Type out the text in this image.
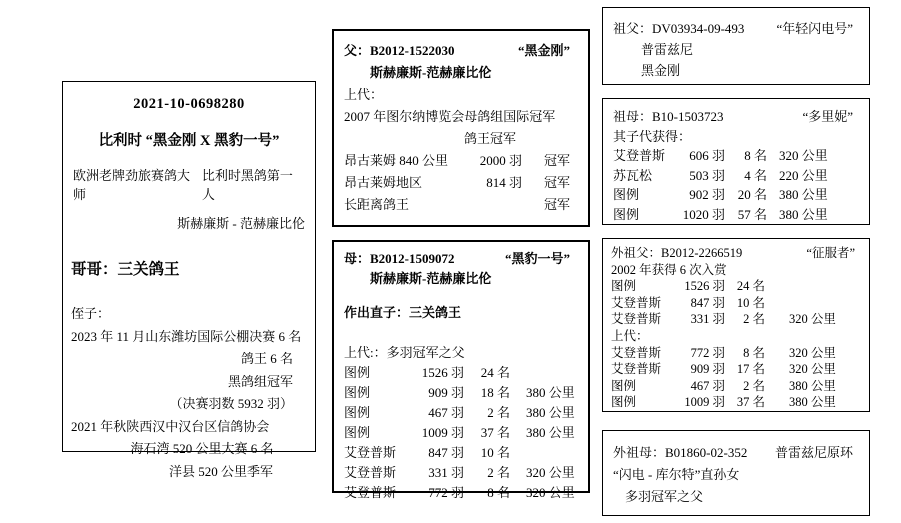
2021-10-0698280
比利时 “黑金刚 X 黑豹一号”
欧洲老牌劲旅赛鸽大师
比利时黑鸽第一人
斯赫廉斯 - 范赫廉比伦
哥哥：三关鸽王
侄子：
2023 年 11 月山东潍坊国际公棚决赛 6 名
鸽王 6 名
黑鸽组冠军
（决赛羽数 5932 羽）
2021 年秋陕西汉中汉台区信鸽协会
海石湾 520 公里大赛 6 名
洋县 520 公里季军
父：B2012-1522030	“黑金刚”
斯赫廉斯-范赫廉比伦
上代：
2007 年图尔纳博览会母鸽组国际冠军
鸽王冠军
昂古莱姆 840 公里	2000 羽 冠军
昂古莱姆地区	814 羽 冠军
长距离鸽王	冠军
母：B2012-1509072	“黑豹一号”
斯赫廉斯-范赫廉比伦
作出直子：三关鸽王
上代:：多羽冠军之父
图例	1526 羽	24 名
图例	909 羽	18 名 380 公里
图例	467 羽	2 名 380 公里
图例	1009 羽	37 名 380 公里
艾登普斯	847 羽	10 名
艾登普斯	331 羽	2 名 320 公里
艾登普斯	772 羽	8 名 320 公里
祖父：DV03934-09-493 “年轻闪电号”
普雷兹尼
黑金刚
祖母：B10-1503723	“多里妮”
其子代获得：
艾登普斯	606 羽	8 名 320 公里
苏瓦松	503 羽	4 名 220 公里
图例	902 羽 20 名 380 公里
图例	1020 羽 57 名 380 公里
外祖父：B2012-2266519	“征服者”
2002 年获得 6 次入赏
图例	1526 羽 24 名
艾登普斯	847 羽 10 名
艾登普斯	331 羽	2 名 320 公里
上代：
艾登普斯	772 羽	8 名 320 公里
艾登普斯	909 羽 17 名 320 公里
图例	467 羽	2 名 380 公里
图例	1009 羽 37 名 380 公里
外祖母：B01860-02-352 普雷兹尼原环
“闪电 - 库尔特”直孙女
多羽冠军之父
